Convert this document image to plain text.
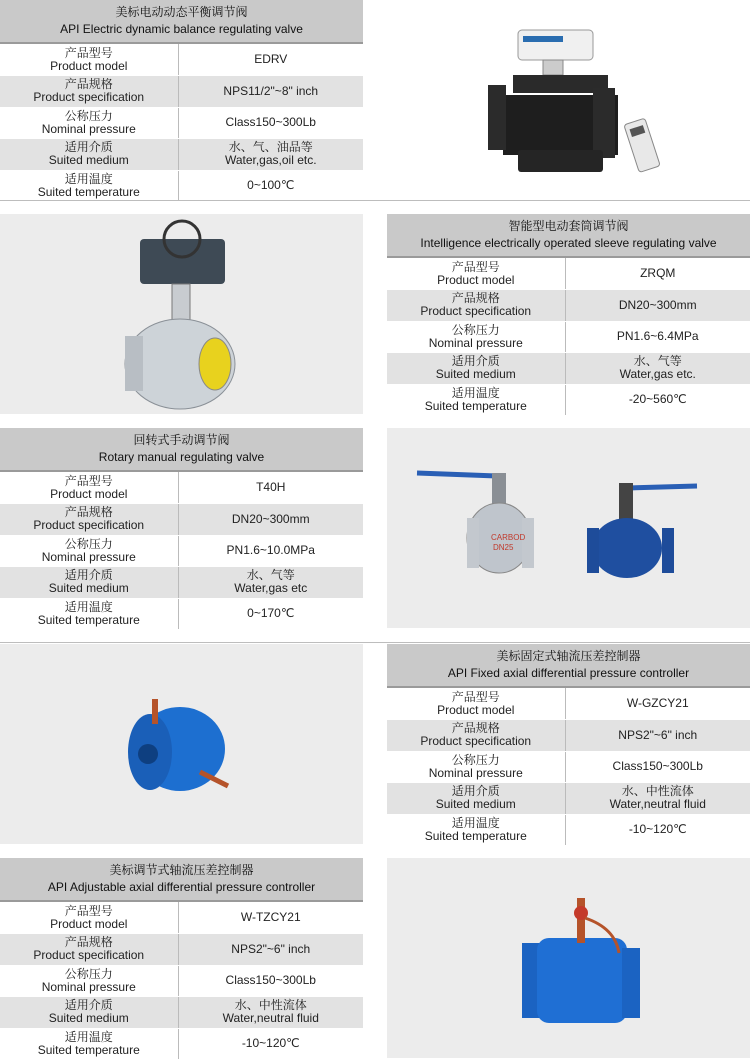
美标电动动态平衡调节阀
API Electric dynamic balance regulating valve
产品型号
Product model	EDRV

产品规格
Product specification	NPS11/2"~8" inch

公称压力
Nominal pressure	Class150~300Lb

适用介质
Suited medium	水、气、油品等
Water,gas,oil etc.

适用温度
Suited temperature	0~100℃
智能型电动套筒调节阀
Intelligence electrically operated sleeve regulating valve
产品型号
Product model	ZRQM

产品规格
Product specification	DN20~300mm

公称压力
Nominal pressure	PN1.6~6.4MPa

适用介质
Suited medium	水、气等
Water,gas etc.

适用温度
Suited temperature	-20~560℃
回转式手动调节阀
Rotary manual regulating valve
产品型号
Product model	T40H

产品规格
Product specification	DN20~300mm

公称压力
Nominal pressure	PN1.6~10.0MPa

适用介质
Suited medium	水、气等
Water,gas etc

适用温度
Suited temperature	0~170℃
CARBOD
DN25
美标固定式轴流压差控制器
API Fixed axial differential pressure controller
产品型号
Product model	W-GZCY21

产品规格
Product specification	NPS2"~6" inch

公称压力
Nominal pressure	Class150~300Lb

适用介质
Suited medium	水、中性流体
Water,neutral fluid

适用温度
Suited temperature	-10~120℃
美标调节式轴流压差控制器
API Adjustable axial differential pressure controller
产品型号
Product model	W-TZCY21

产品规格
Product specification	NPS2"~6" inch

公称压力
Nominal pressure	Class150~300Lb

适用介质
Suited medium	水、中性流体
Water,neutral fluid

适用温度
Suited temperature	-10~120℃
